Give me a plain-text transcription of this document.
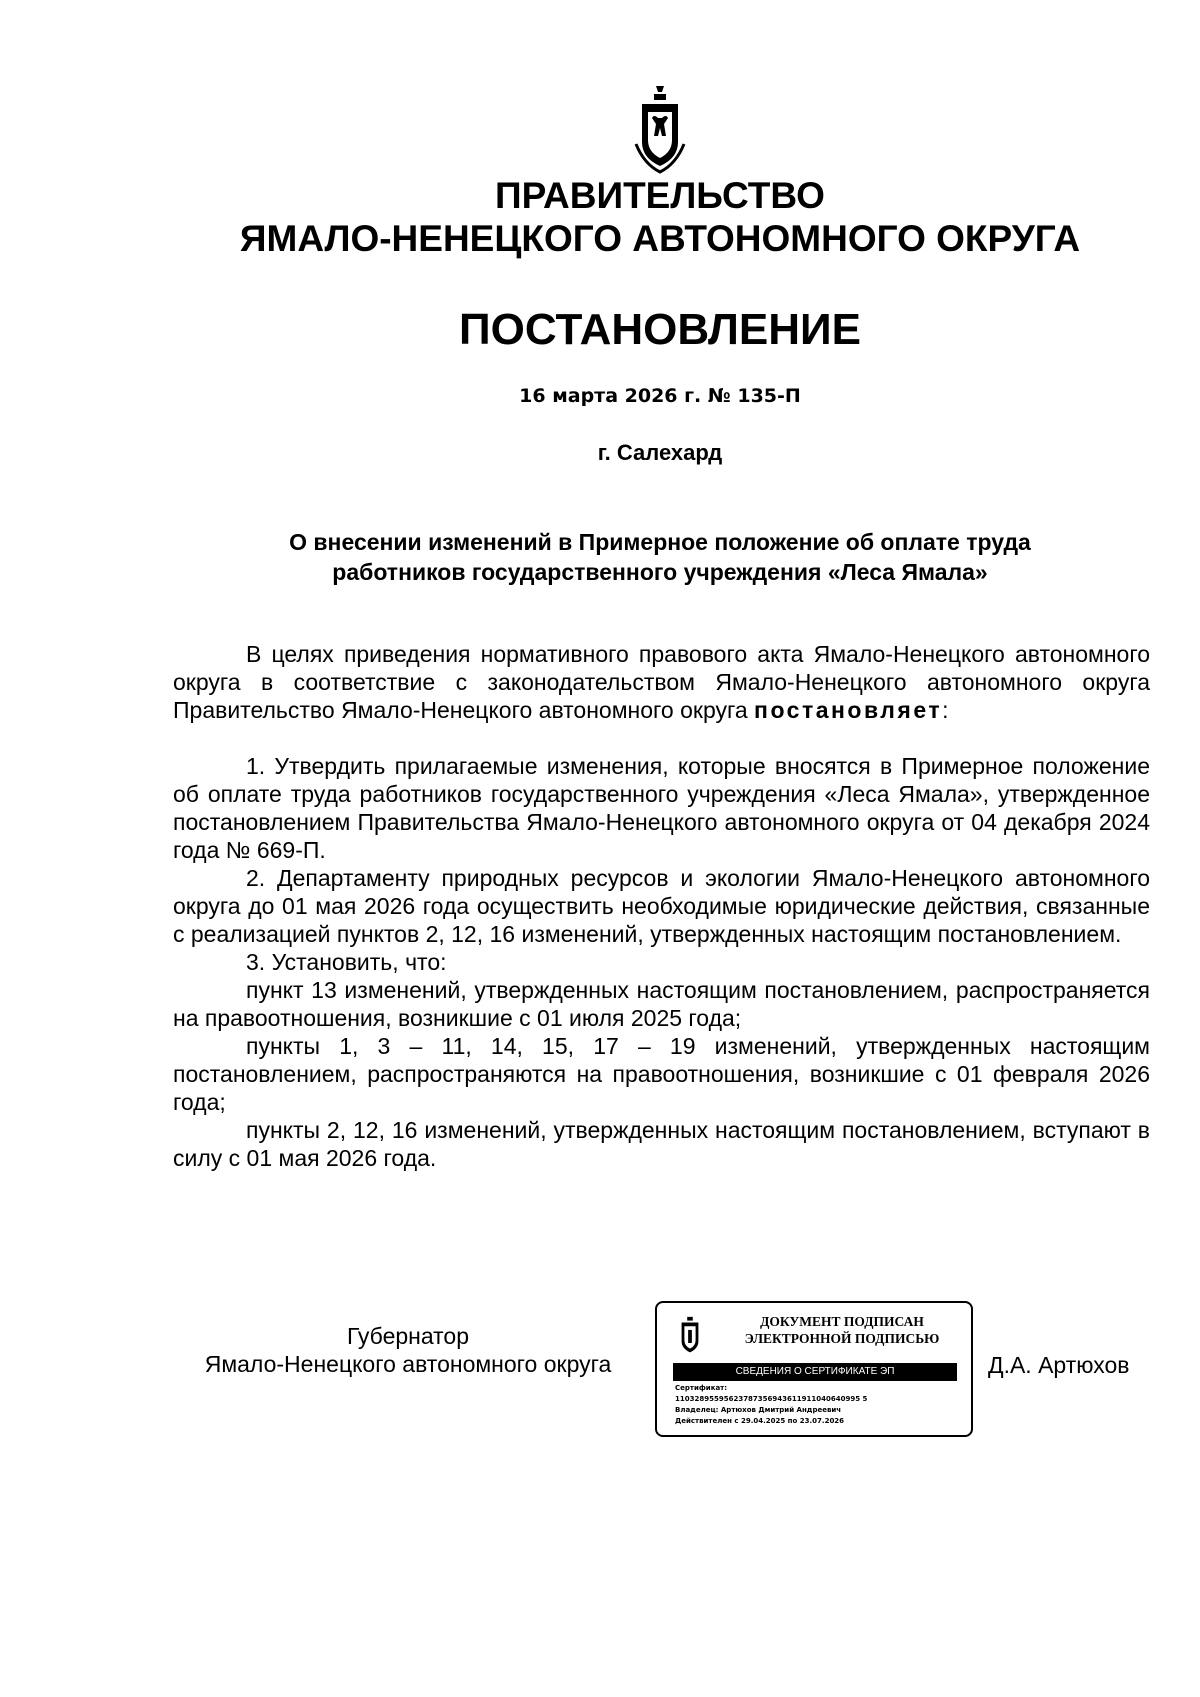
ПРАВИТЕЛЬСТВО
ЯМАЛО-НЕНЕЦКОГО АВТОНОМНОГО ОКРУГА
ПОСТАНОВЛЕНИЕ
16 марта 2026 г. № 135-П
г. Салехард
О внесении изменений в Примерное положение об оплате труда
работников государственного учреждения «Леса Ямала»

В целях приведения нормативного правового акта Ямало-Ненецкого автономного округа в соответствие с законодательством Ямало-Ненецкого автономного округа Правительство Ямало-Ненецкого автономного округа постановляет:

1. Утвердить прилагаемые изменения, которые вносятся в Примерное положение об оплате труда работников государственного учреждения «Леса Ямала», утвержденное постановлением Правительства Ямало-Ненецкого автономного округа от 04 декабря 2024 года № 669-П.

2. Департаменту природных ресурсов и экологии Ямало-Ненецкого автономного округа до 01 мая 2026 года осуществить необходимые юридические действия, связанные с реализацией пунктов 2, 12, 16 изменений, утвержденных настоящим постановлением.

3. Установить, что:

пункт 13 изменений, утвержденных настоящим постановлением, распространяется на правоотношения, возникшие с 01 июля 2025 года;

пункты 1, 3 – 11, 14, 15, 17 – 19 изменений, утвержденных настоящим постановлением, распространяются на правоотношения, возникшие с 01 февраля 2026 года;

пункты 2, 12, 16 изменений, утвержденных настоящим постановлением, вступают в силу с 01 мая 2026 года.

Губернатор
Ямало-Ненецкого автономного округа
ДОКУМЕНТ ПОДПИСАН
ЭЛЕКТРОННОЙ ПОДПИСЬЮ
СВЕДЕНИЯ О СЕРТИФИКАТЕ ЭП
Сертификат:
11032895595623787356943611911040640995 5
Владелец: Артюхов Дмитрий Андреевич
Действителен с 29.04.2025 по 23.07.2026
Д.А. Артюхов
